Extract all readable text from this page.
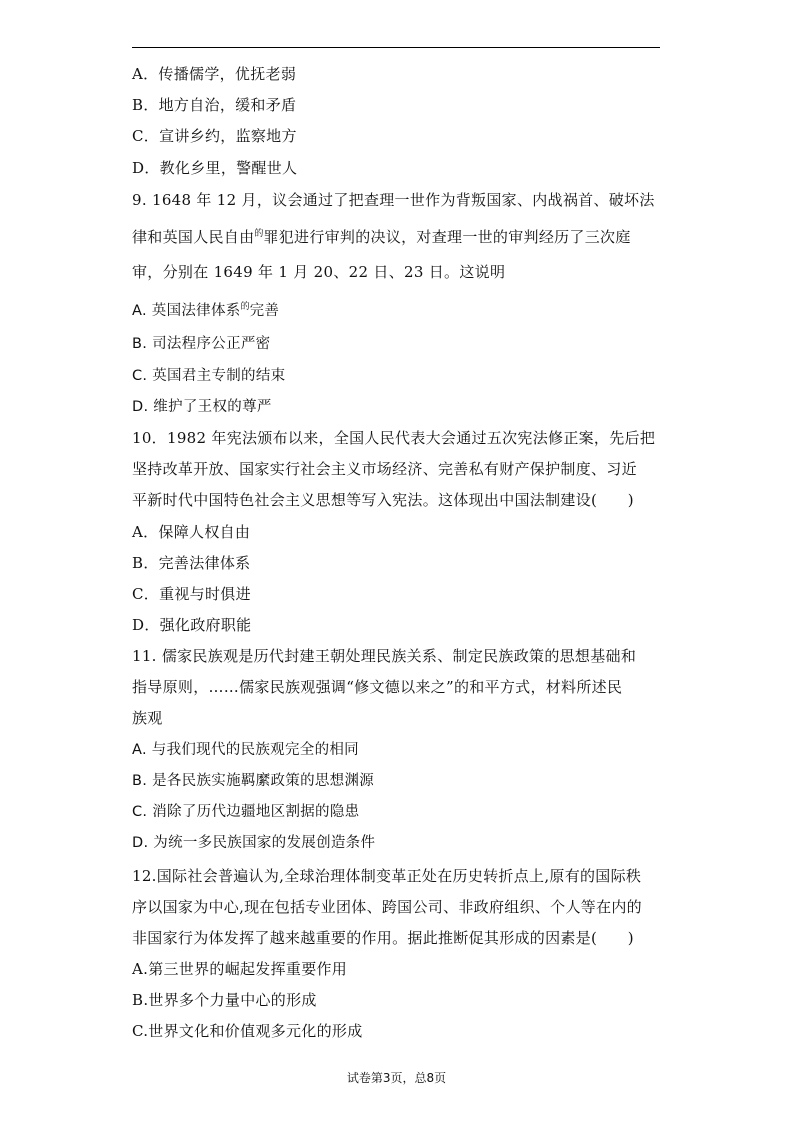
A．传播儒学，优抚老弱
B．地方自治，缓和矛盾
C．宣讲乡约，监察地方
D．教化乡里，警醒世人
9. 1648 年 12 月，议会通过了把查理一世作为背叛国家、内战祸首、破坏法
律和英国人民自由$^的$罪犯进行审判的决议，对查理一世的审判经历了三次庭
审，分别在 1649 年 1 月 20、22 日、23 日。这说明
A. 英国法律体系$^的$完善
B. 司法程序公正严密
C. 英国君主专制的结束
D. 维护了王权的尊严
10．1982 年宪法颁布以来，全国人民代表大会通过五次宪法修正案，先后把
坚持改革开放、国家实行社会主义市场经济、完善私有财产保护制度、习近
平新时代中国特色社会主义思想等写入宪法。这体现出中国法制建设(　　)
A．保障人权自由
B．完善法律体系
C．重视与时俱进
D．强化政府职能
11. 儒家民族观是历代封建王朝处理民族关系、制定民族政策的思想基础和
指导原则，……儒家民族观强调“修文德以来之”的和平方式，材料所述民
族观
A. 与我们现代的民族观完全的相同
B. 是各民族实施羁縻政策的思想渊源
C. 消除了历代边疆地区割据的隐患
D. 为统一多民族国家的发展创造条件
12.国际社会普遍认为,全球治理体制变革正处在历史转折点上,原有的国际秩
序以国家为中心,现在包括专业团体、跨国公司、非政府组织、个人等在内的
非国家行为体发挥了越来越重要的作用。据此推断促其形成的因素是(　　)
A.第三世界的崛起发挥重要作用
B.世界多个力量中心的形成
C.世界文化和价值观多元化的形成
试卷第3页，总8页
